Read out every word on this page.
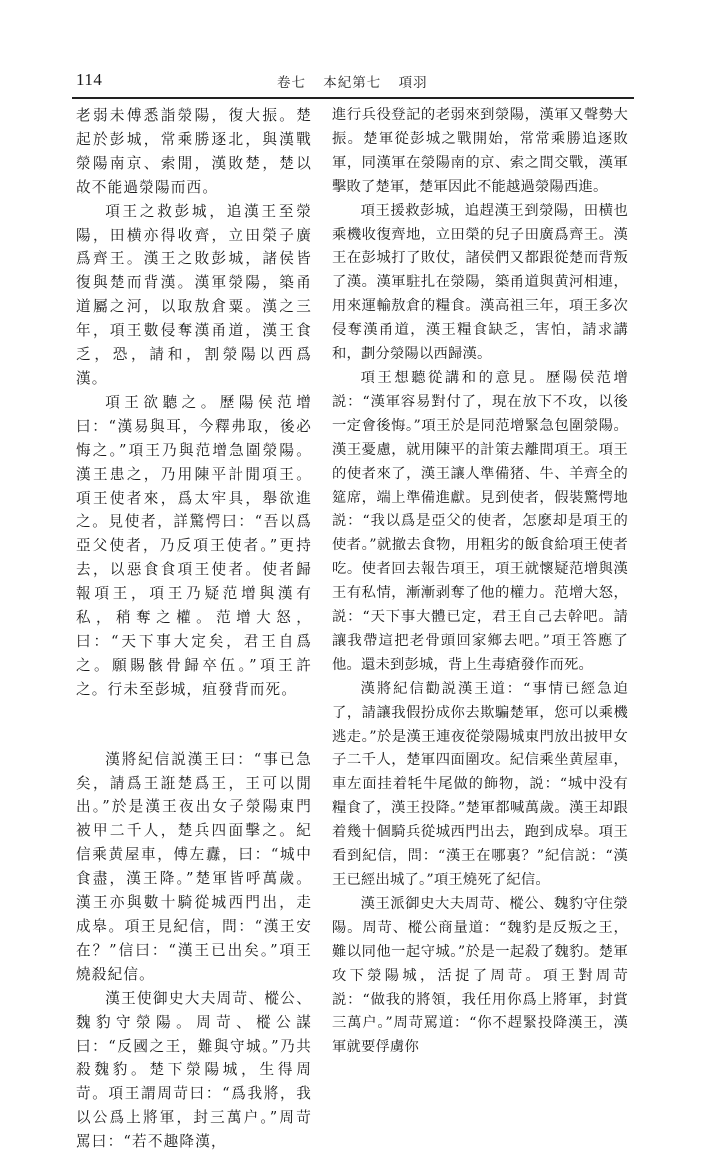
114	卷七 本紀第七 項羽

老弱未傅悉詣滎陽，復大振。楚起於彭城，常乘勝逐北，與漢戰滎陽南京、索閒，漢敗楚，楚以故不能過滎陽而西。

項王之救彭城，追漢王至滎陽，田横亦得收齊，立田榮子廣爲齊王。漢王之敗彭城，諸侯皆復與楚而背漢。漢軍滎陽，築甬道屬之河，以取敖倉粟。漢之三年，項王數侵奪漢甬道，漢王食乏，恐，請和，割滎陽以西爲漢。

項王欲聽之。歷陽侯范增曰：“漢易與耳，今釋弗取，後必悔之。”項王乃與范增急圍滎陽。漢王患之，乃用陳平計閒項王。項王使者來，爲太牢具，舉欲進之。見使者，詳驚愕曰：“吾以爲亞父使者，乃反項王使者。”更持去，以惡食食項王使者。使者歸報項王，項王乃疑范增與漢有私，稍奪之權。范增大怒，曰：“天下事大定矣，君王自爲之。願賜骸骨歸卒伍。”項王許之。行未至彭城，疽發背而死。

漢將紀信説漢王曰：“事已急矣，請爲王誑楚爲王，王可以閒出。”於是漢王夜出女子滎陽東門被甲二千人，楚兵四面擊之。紀信乘黄屋車，傅左纛，曰：“城中食盡，漢王降。”楚軍皆呼萬歲。漢王亦與數十騎從城西門出，走成皋。項王見紀信，問：“漢王安在？”信曰：“漢王已出矣。”項王燒殺紀信。

漢王使御史大夫周苛、樅公、魏豹守滎陽。周苛、樅公謀曰：“反國之王，難與守城。”乃共殺魏豹。楚下滎陽城，生得周苛。項王謂周苛曰：“爲我將，我以公爲上將軍，封三萬户。”周苛罵曰：“若不趣降漢，

進行兵役登記的老弱來到滎陽，漢軍又聲勢大振。楚軍從彭城之戰開始，常常乘勝追逐敗軍，同漢軍在滎陽南的京、索之間交戰，漢軍擊敗了楚軍，楚軍因此不能越過滎陽西進。

項王援救彭城，追趕漢王到滎陽，田横也乘機收復齊地，立田榮的兒子田廣爲齊王。漢王在彭城打了敗仗，諸侯們又都跟從楚而背叛了漢。漢軍駐扎在滎陽，築甬道與黄河相連，用來運輸敖倉的糧食。漢高祖三年，項王多次侵奪漢甬道，漢王糧食缺乏，害怕，請求講和，劃分滎陽以西歸漢。

項王想聽從講和的意見。歷陽侯范增説：“漢軍容易對付了，現在放下不攻，以後一定會後悔。”項王於是同范增緊急包圍滎陽。漢王憂慮，就用陳平的計策去離間項王。項王的使者來了，漢王讓人準備猪、牛、羊齊全的筵席，端上準備進獻。見到使者，假裝驚愕地説：“我以爲是亞父的使者，怎麽却是項王的使者。”就撤去食物，用粗劣的飯食給項王使者吃。使者回去報告項王，項王就懷疑范增與漢王有私情，漸漸剥奪了他的權力。范增大怒，説：“天下事大體已定，君王自己去幹吧。請讓我帶這把老骨頭回家鄉去吧。”項王答應了他。還未到彭城，背上生毒瘡發作而死。

漢將紀信勸説漢王道：“事情已經急迫了，請讓我假扮成你去欺騙楚軍，您可以乘機逃走。”於是漢王連夜從滎陽城東門放出披甲女子二千人，楚軍四面圍攻。紀信乘坐黄屋車，車左面挂着牦牛尾做的飾物，説：“城中没有糧食了，漢王投降。”楚軍都喊萬歲。漢王却跟着幾十個騎兵從城西門出去，跑到成皋。項王看到紀信，問：“漢王在哪裏？”紀信説：“漢王已經出城了。”項王燒死了紀信。

漢王派御史大夫周苛、樅公、魏豹守住滎陽。周苛、樅公商量道：“魏豹是反叛之王，難以同他一起守城。”於是一起殺了魏豹。楚軍攻下滎陽城，活捉了周苛。項王對周苛説：“做我的將領，我任用你爲上將軍，封賞三萬户。”周苛罵道：“你不趕緊投降漢王，漢軍就要俘虜你
